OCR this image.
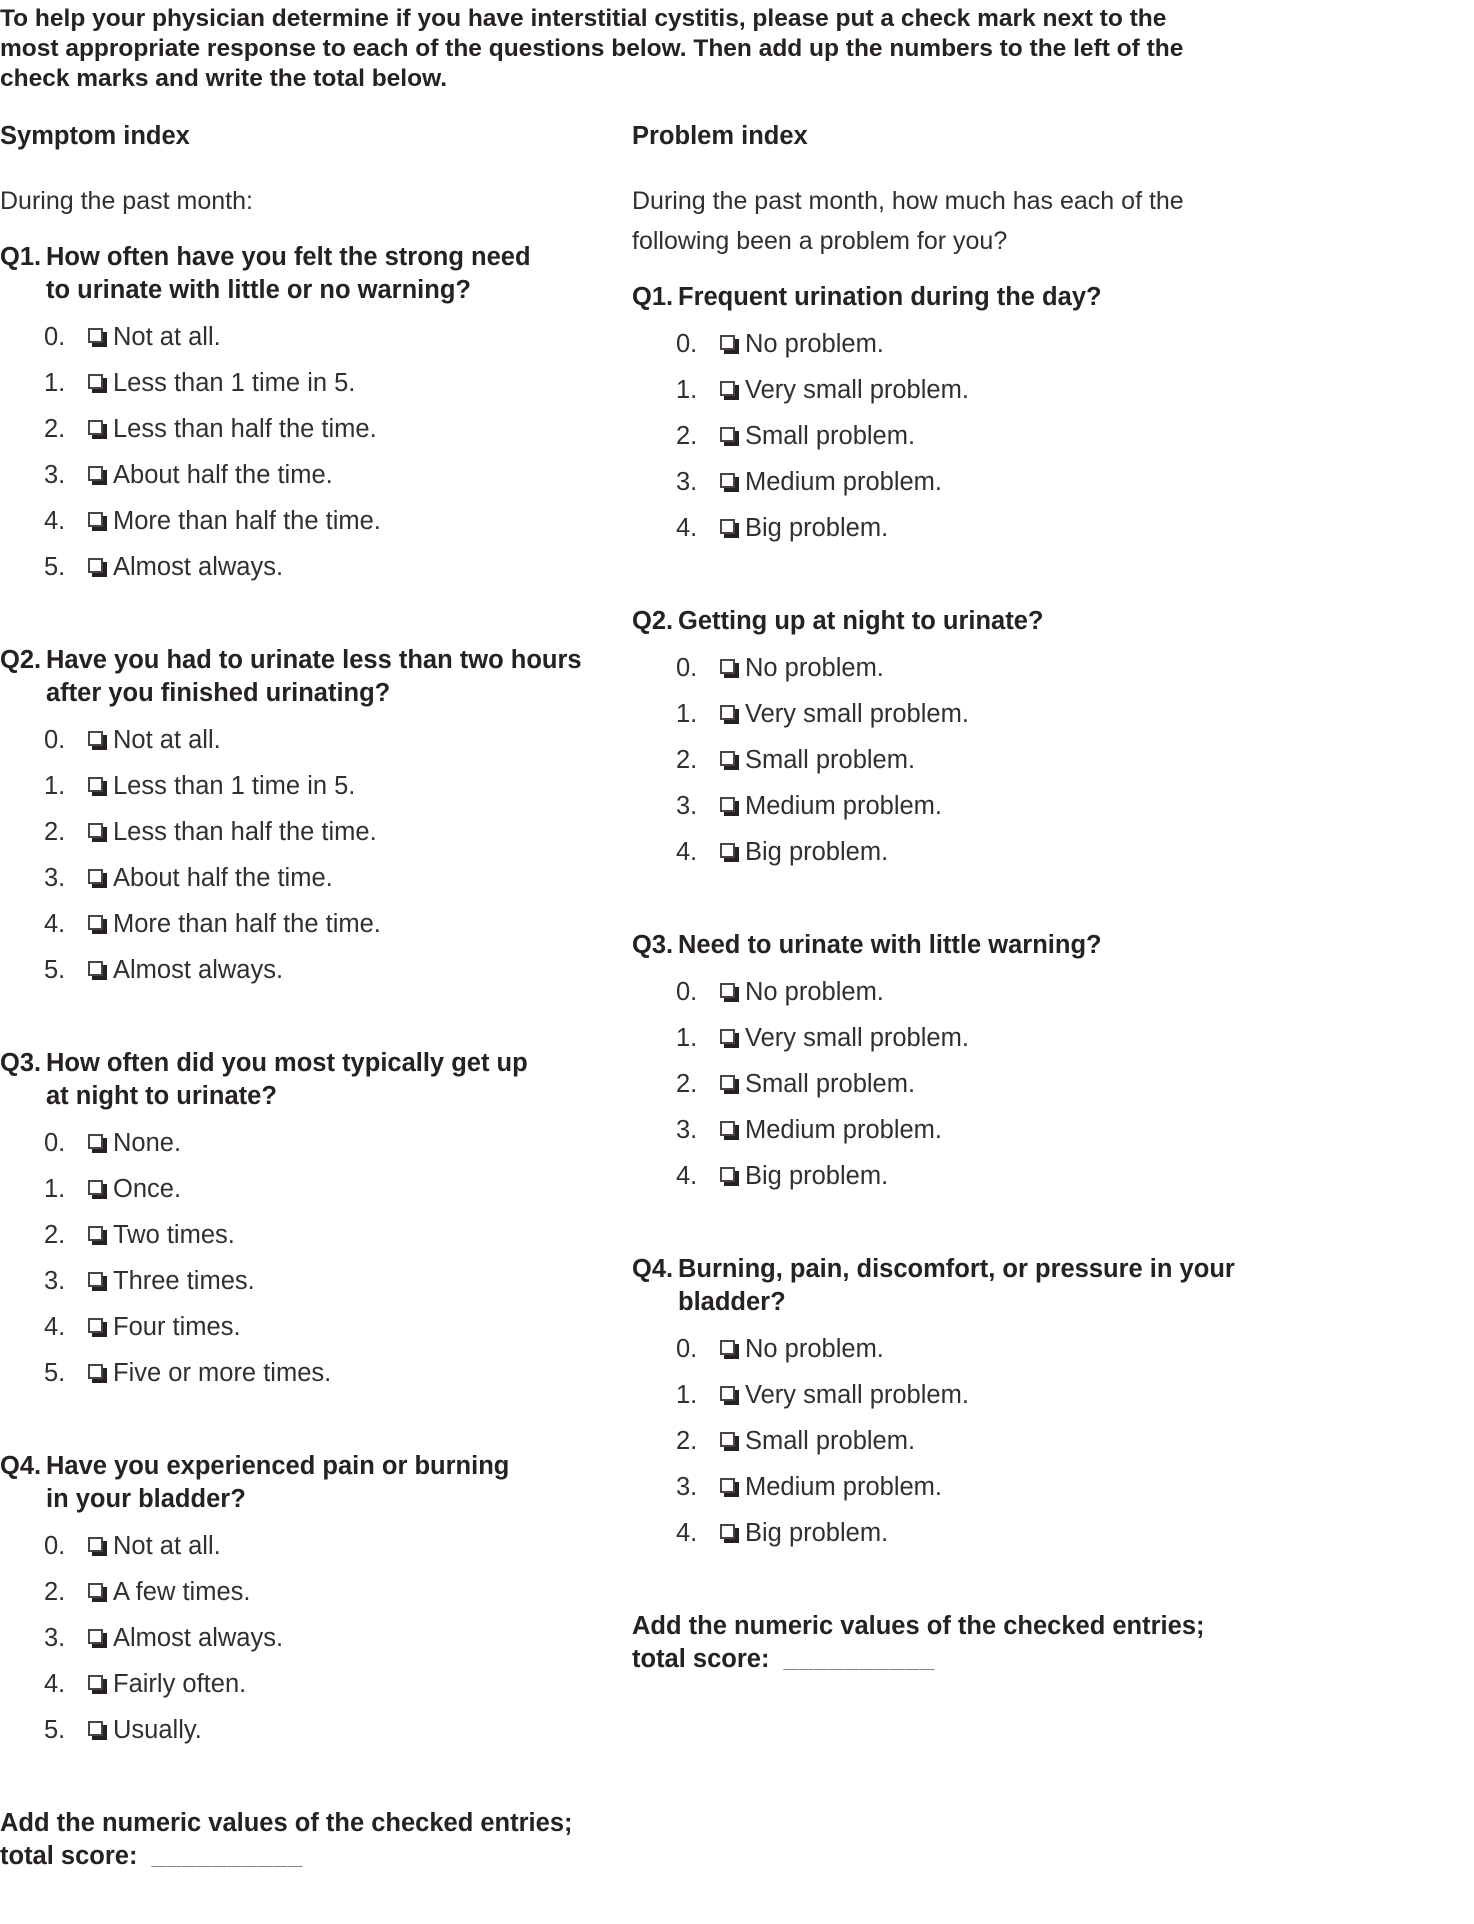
To help your physician determine if you have interstitial cystitis, please put a check mark next to the
most appropriate response to each of the questions below. Then add up the numbers to the left of the
check marks and write the total below.
Symptom index
During the past month:
Q1. How often have you felt the strong need
to urinate with little or no warning?
0.	Not at all.
1.	Less than 1 time in 5.
2.	Less than half the time.
3.	About half the time.
4.	More than half the time.
5.	Almost always.
Q2. Have you had to urinate less than two hours
after you finished urinating?
0.	Not at all.
1.	Less than 1 time in 5.
2.	Less than half the time.
3.	About half the time.
4.	More than half the time.
5.	Almost always.
Q3. How often did you most typically get up
at night to urinate?
0.	None.
1.	Once.
2.	Two times.
3.	Three times.
4.	Four times.
5.	Five or more times.
Q4. Have you experienced pain or burning
in your bladder?
0.	Not at all.
2.	A few times.
3.	Almost always.
4.	Fairly often.
5.	Usually.
Add the numeric values of the checked entries;
total score: __________
Problem index
During the past month, how much has each of the
following been a problem for you?
Q1. Frequent urination during the day?
0.	No problem.
1.	Very small problem.
2.	Small problem.
3.	Medium problem.
4.	Big problem.
Q2. Getting up at night to urinate?
0.	No problem.
1.	Very small problem.
2.	Small problem.
3.	Medium problem.
4.	Big problem.
Q3. Need to urinate with little warning?
0.	No problem.
1.	Very small problem.
2.	Small problem.
3.	Medium problem.
4.	Big problem.
Q4. Burning, pain, discomfort, or pressure in your
bladder?
0.	No problem.
1.	Very small problem.
2.	Small problem.
3.	Medium problem.
4.	Big problem.
Add the numeric values of the checked entries;
total score: __________
